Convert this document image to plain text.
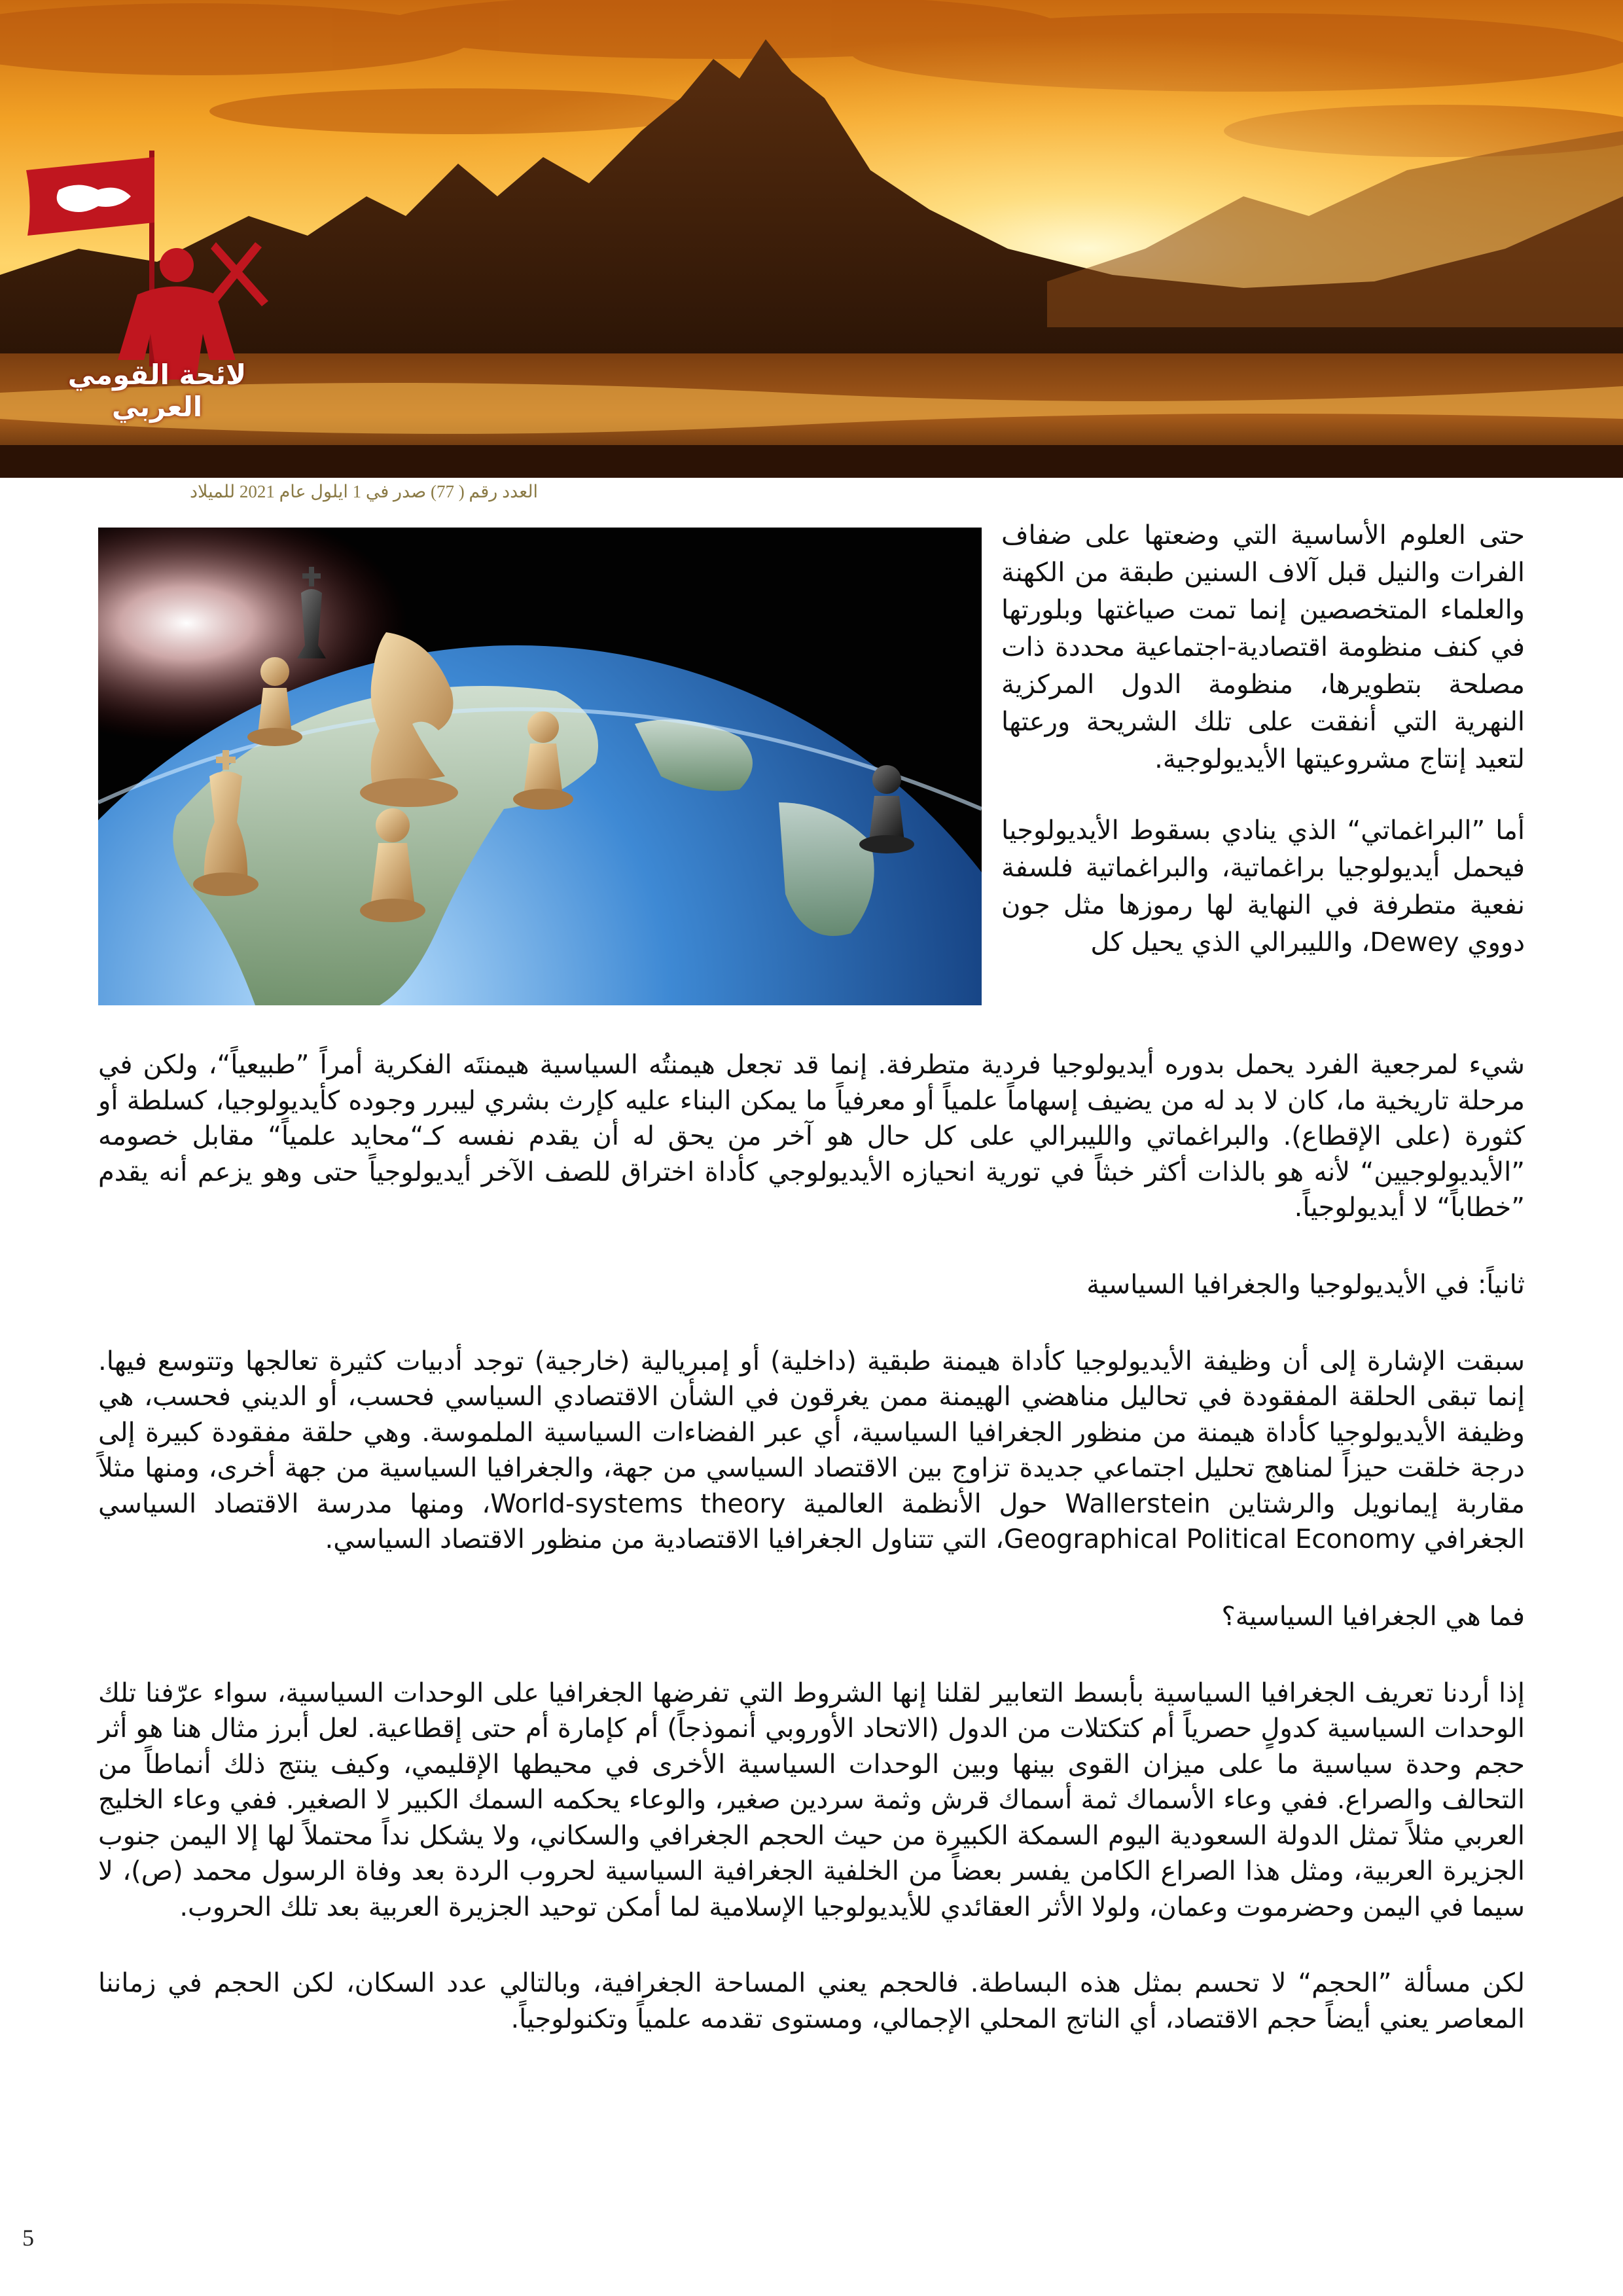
لائحة القومي العربي
العدد رقم ( 77) صدر في 1 ايلول عام 2021 للميلاد

حتى العلوم الأساسية التي وضعتها على ضفاف الفرات والنيل قبل آلاف السنين طبقة من الكهنة والعلماء المتخصصين إنما تمت صياغتها وبلورتها في كنف منظومة اقتصادية-اجتماعية محددة ذات مصلحة بتطويرها، منظومة الدول المركزية النهرية التي أنفقت على تلك الشريحة ورعتها لتعيد إنتاج مشروعيتها الأيديولوجية.

أما ”البراغماتي“ الذي ينادي بسقوط الأيديولوجيا فيحمل أيديولوجيا براغماتية، والبراغماتية فلسفة نفعية متطرفة في النهاية لها رموزها مثل جون دووي Dewey، والليبرالي الذي يحيل كل

شيء لمرجعية الفرد يحمل بدوره أيديولوجيا فردية متطرفة. إنما قد تجعل هيمنتُه السياسية هيمنتَه الفكرية أمراً ”طبيعياً“، ولكن في مرحلة تاريخية ما، كان لا بد له من يضيف إسهاماً علمياً أو معرفياً ما يمكن البناء عليه كإرث بشري ليبرر وجوده كأيديولوجيا، كسلطة أو كثورة (على الإقطاع). والبراغماتي والليبرالي على كل حال هو آخر من يحق له أن يقدم نفسه كـ“محايد علمياً“ مقابل خصومه ”الأيديولوجيين“ لأنه هو بالذات أكثر خبثاً في تورية انحيازه الأيديولوجي كأداة اختراق للصف الآخر أيديولوجياً حتى وهو يزعم أنه يقدم ”خطاباً“ لا أيديولوجياً.

ثانياً: في الأيديولوجيا والجغرافيا السياسية

سبقت الإشارة إلى أن وظيفة الأيديولوجيا كأداة هيمنة طبقية (داخلية) أو إمبريالية (خارجية) توجد أدبيات كثيرة تعالجها وتتوسع فيها. إنما تبقى الحلقة المفقودة في تحاليل مناهضي الهيمنة ممن يغرقون في الشأن الاقتصادي السياسي فحسب، أو الديني فحسب، هي وظيفة الأيديولوجيا كأداة هيمنة من منظور الجغرافيا السياسية، أي عبر الفضاءات السياسية الملموسة. وهي حلقة مفقودة كبيرة إلى درجة خلقت حيزاً لمناهج تحليل اجتماعي جديدة تزاوج بين الاقتصاد السياسي من جهة، والجغرافيا السياسية من جهة أخرى، ومنها مثلاً مقاربة إيمانويل والرشتاين Wallerstein حول الأنظمة العالمية World-systems theory، ومنها مدرسة الاقتصاد السياسي الجغرافي Geographical Political Economy، التي تتناول الجغرافيا الاقتصادية من منظور الاقتصاد السياسي.

فما هي الجغرافيا السياسية؟

إذا أردنا تعريف الجغرافيا السياسية بأبسط التعابير لقلنا إنها الشروط التي تفرضها الجغرافيا على الوحدات السياسية، سواء عرّفنا تلك الوحدات السياسية كدولٍ حصرياً أم كتكتلات من الدول (الاتحاد الأوروبي أنموذجاً) أم كإمارة أم حتى إقطاعية. لعل أبرز مثال هنا هو أثر حجم وحدة سياسية ما على ميزان القوى بينها وبين الوحدات السياسية الأخرى في محيطها الإقليمي، وكيف ينتج ذلك أنماطاً من التحالف والصراع. ففي وعاء الأسماك ثمة أسماك قرش وثمة سردين صغير، والوعاء يحكمه السمك الكبير لا الصغير. ففي وعاء الخليج العربي مثلاً تمثل الدولة السعودية اليوم السمكة الكبيرة من حيث الحجم الجغرافي والسكاني، ولا يشكل نداً محتملاً لها إلا اليمن جنوب الجزيرة العربية، ومثل هذا الصراع الكامن يفسر بعضاً من الخلفية الجغرافية السياسية لحروب الردة بعد وفاة الرسول محمد (ص)، لا سيما في اليمن وحضرموت وعمان، ولولا الأثر العقائدي للأيديولوجيا الإسلامية لما أمكن توحيد الجزيرة العربية بعد تلك الحروب.

لكن مسألة ”الحجم“ لا تحسم بمثل هذه البساطة. فالحجم يعني المساحة الجغرافية، وبالتالي عدد السكان، لكن الحجم في زماننا المعاصر يعني أيضاً حجم الاقتصاد، أي الناتج المحلي الإجمالي، ومستوى تقدمه علمياً وتكنولوجياً.

5
